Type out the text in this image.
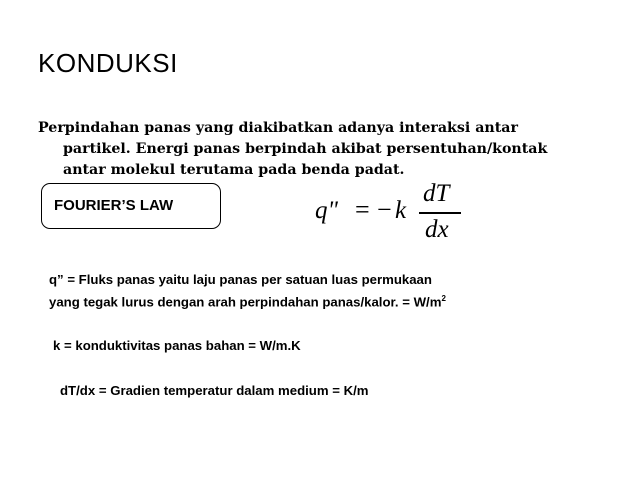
KONDUKSI
Perpindahan panas yang diakibatkan adanya interaksi antar
partikel. Energi panas berpindah akibat persentuhan/kontak
antar molekul terutama pada benda padat.
FOURIER’S LAW	q" = − k
dT
dx
q” = Fluks panas yaitu laju panas per satuan luas permukaan
yang tegak lurus dengan arah perpindahan panas/kalor. = $W/m^2$
k = konduktivitas panas bahan = W/m.K
dT/dx = Gradien temperatur dalam medium = K/m
